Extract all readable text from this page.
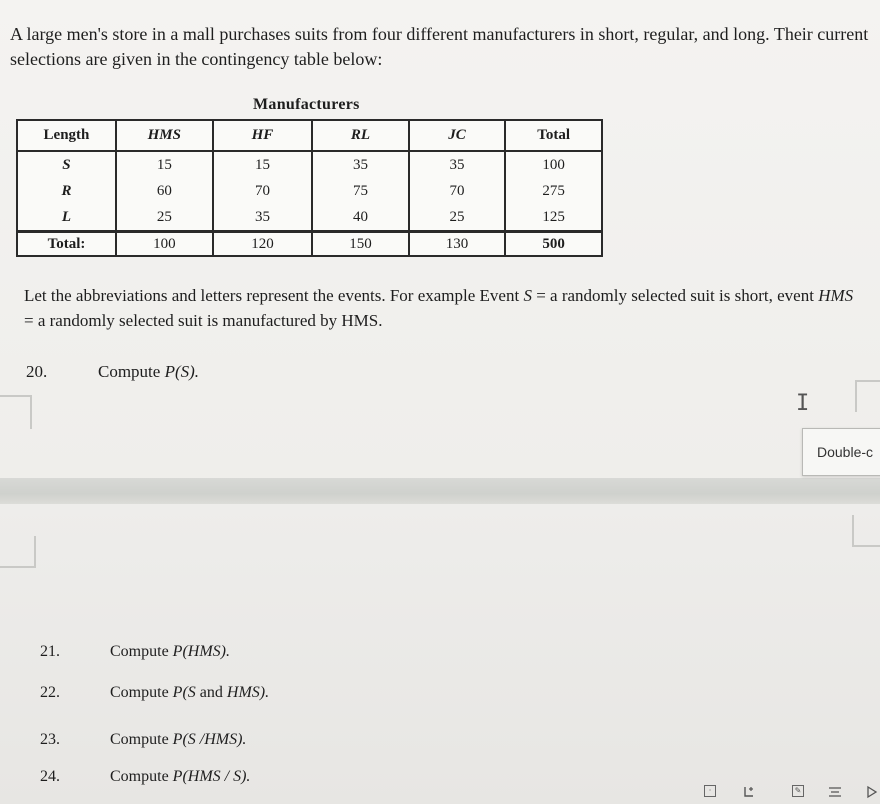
A large men's store in a mall purchases suits from four different manufacturers in short, regular, and long. Their current selections are given in the contingency table below:

Manufacturers
Length	HMS	HF	RL	JC	Total
S	15	15	35	35	100
R	60	70	75	70	275
L	25	35	40	25	125
Total:	100	120	150	130	500

Let the abbreviations and letters represent the events. For example Event S = a randomly selected suit is short, event HMS = a randomly selected suit is manufactured by HMS.

20.	Compute P(S).
I
Double-c
21.	Compute P(HMS).
22.	Compute P(S and HMS).
23.	Compute P(S /HMS).
24.	Compute P(HMS / S).
·	✎
